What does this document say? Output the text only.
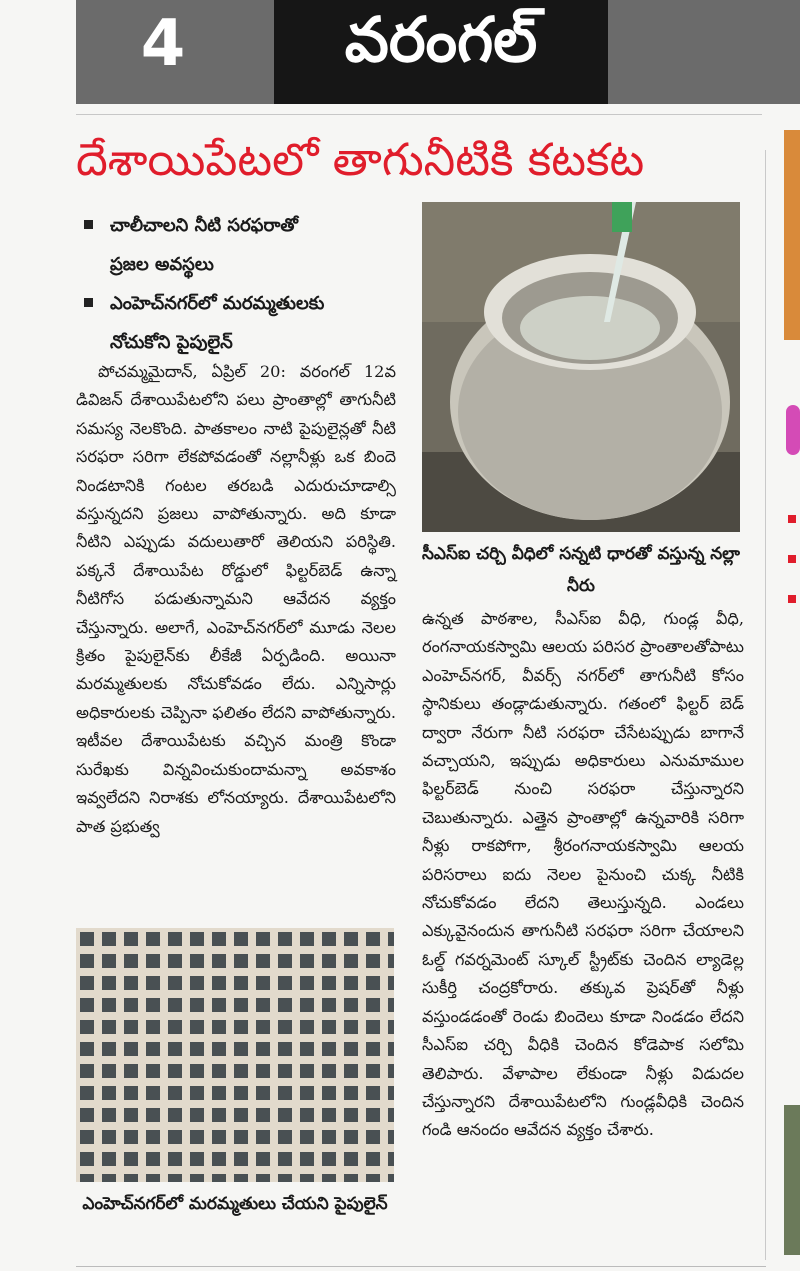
4	వరంగల్
దేశాయిపేటలో తాగునీటికి కటకట
చాలీచాలని నీటి సరఫరాతో
ప్రజల అవస్థలు
ఎంహెచ్‌నగర్‌లో మరమ్మతులకు
నోచుకోని పైపులైన్
పోచమ్మమైదాన్, ఏప్రిల్ 20: వరంగల్ 12వ డివిజన్ దేశాయిపేటలోని పలు ప్రాంతాల్లో తాగునీటి సమస్య నెలకొంది. పాతకాలం నాటి పైపులైన్లతో నీటి సరఫరా సరిగా లేకపోవడంతో నల్లానీళ్లు ఒక బిందె నిండటానికి గంటల తరబడి ఎదురుచూడాల్సి వస్తున్నదని ప్రజలు వాపోతున్నారు. అది కూడా నీటిని ఎప్పుడు వదులుతారో తెలియని పరిస్థితి. పక్కనే దేశాయిపేట రోడ్డులో ఫిల్టర్‌బెడ్ ఉన్నా నీటిగోస పడుతున్నామని ఆవేదన వ్యక్తం చేస్తున్నారు. అలాగే, ఎంహెచ్‌నగర్‌లో మూడు నెలల క్రితం పైపులైన్‌కు లీకేజీ ఏర్పడింది. అయినా మరమ్మతులకు నోచుకోవడం లేదు. ఎన్నిసార్లు అధికారులకు చెప్పినా ఫలితం లేదని వాపోతున్నారు. ఇటీవల దేశాయిపేటకు వచ్చిన మంత్రి కొండా సురేఖకు విన్నవించుకుందామన్నా అవకాశం ఇవ్వలేదని నిరాశకు లోనయ్యారు. దేశాయిపేటలోని పాత ప్రభుత్వ
సీఎస్ఐ చర్చి వీధిలో సన్నటి ధారతో వస్తున్న నల్లా నీరు
ఉన్నత పాఠశాల, సీఎస్ఐ వీధి, గుండ్ల వీధి, రంగనాయకస్వామి ఆలయ పరిసర ప్రాంతాలతోపాటు ఎంహెచ్‌నగర్, వీవర్స్ నగర్‌లో తాగునీటి కోసం స్థానికులు తండ్లాడుతున్నారు. గతంలో ఫిల్టర్ బెడ్ ద్వారా నేరుగా నీటి సరఫరా చేసేటప్పుడు బాగానే వచ్చాయని, ఇప్పుడు అధికారులు ఎనుమాముల ఫిల్టర్‌బెడ్ నుంచి సరఫరా చేస్తున్నారని చెబుతున్నారు. ఎత్తైన ప్రాంతాల్లో ఉన్నవారికి సరిగా నీళ్లు రాకపోగా, శ్రీరంగనాయకస్వామి ఆలయ పరిసరాలు ఐదు నెలల పైనుంచి చుక్క నీటికి నోచుకోవడం లేదని తెలుస్తున్నది. ఎండలు ఎక్కువైనందున తాగునీటి సరఫరా సరిగా చేయాలని ఓల్డ్ గవర్నమెంట్ స్కూల్ స్ట్రీట్‌కు చెందిన ల్యాడెల్ల సుకీర్తి చంద్రకోరారు. తక్కువ ప్రెషర్‌తో నీళ్లు వస్తుండడంతో రెండు బిందెలు కూడా నిండడం లేదని సీఎస్ఐ చర్చి వీధికి చెందిన కోడెపాక సలోమి తెలిపారు. వేళాపాల లేకుండా నీళ్లు విడుదల చేస్తున్నారని దేశాయిపేటలోని గుండ్లవీధికి చెందిన గండి ఆనందం ఆవేదన వ్యక్తం చేశారు.
ఎంహెచ్‌నగర్‌లో మరమ్మతులు చేయని పైపులైన్
